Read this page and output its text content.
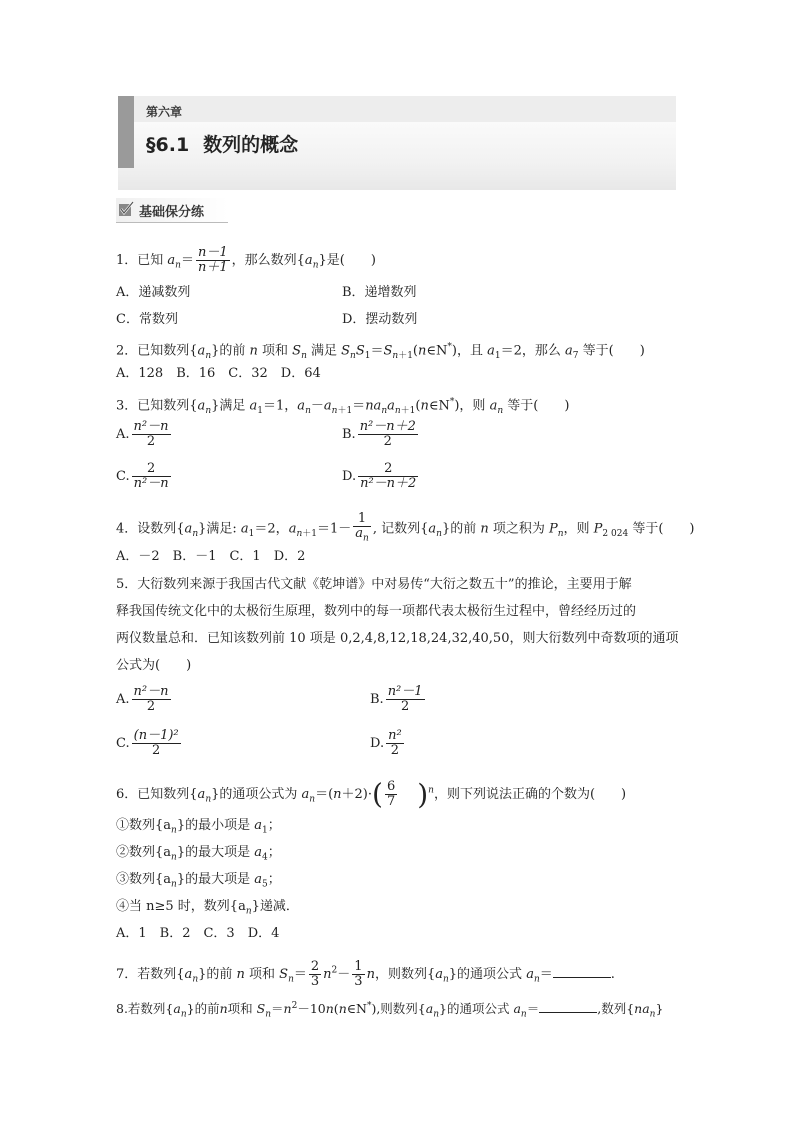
第六章
§6.1 数列的概念
基础保分练
1．已知 $a_n= \frac{n-1}{n+1}$ ，那么数列$\{a_n\}$是(　　)
A．递减数列	B．递增数列
C．常数列	D．摆动数列
2．已知数列$\{a_n\}$的前 n 项和 $S_n$ 满足 $S_nS_1=S_{n+1}(n\in N^*)$，且 $a_1=2$，那么 $a_7$ 等于(　　)
A．128　B．16　C．32　D．64
3．已知数列$\{a_n\}$满足 $a_1=1$，$a_n-a_{n+1}=na_na_{n+1}(n\in N^*)$，则 $a_n$ 等于(　　)
A. $\frac{\text{n²－n}}{2}$	B. $\frac{\text{n²－n＋2}}{2}$
C. $\frac{2}{\text{n²－n}}$	D. $\frac{2}{\text{n²－n＋2}}$
4．设数列$\{a_n\}$满足: $a_1=2$，$a_{n+1}=1- \frac{1}{a_n}$ , 记数列$\{a_n\}$的前 n 项之积为 $P_n$，则 $P_{2 024}$ 等于(　　)
A．－2　B．－1　C．1　D．2
5．大衍数列来源于我国古代文献《乾坤谱》中对易传“大衍之数五十”的推论，主要用于解
释我国传统文化中的太极衍生原理，数列中的每一项都代表太极衍生过程中，曾经经历过的
两仪数量总和．已知该数列前 10 项是 0,2,4,8,12,18,24,32,40,50，则大衍数列中奇数项的通项
公式为(　　)
A. $\frac{\text{n²－n}}{2}$	B. $\frac{\text{n²－1}}{2}$
C. $\frac{\text{(n－1)²}}{2}$	D. $\frac{\text{n²}}{2}$
6．已知数列$\{a_n\}$的通项公式为 $a_n=(n+2)\cdot( \frac{6}{7} )^n$，则下列说法正确的个数为(　　)
①数列$\{a_n\}$的最小项是 $a_1$；
②数列$\{a_n\}$的最大项是 $a_4$；
③数列$\{a_n\}$的最大项是 $a_5$；
④当 n≥5 时，数列$\{a_n\}$递减．
A．1　B．2　C．3　D．4
7．若数列$\{a_n\}$的前 n 项和 $S_n= \frac{2}{3} n^2- \frac{1}{3}$ n，则数列$\{a_n\}$的通项公式 $a_n=$	.
8.若数列$\{a_n\}$的前n项和 $S_n=n^2-10n(n\in N^*)$,则数列$\{a_n\}$的通项公式 $a_n=$	,数列$\{na_n\}$
